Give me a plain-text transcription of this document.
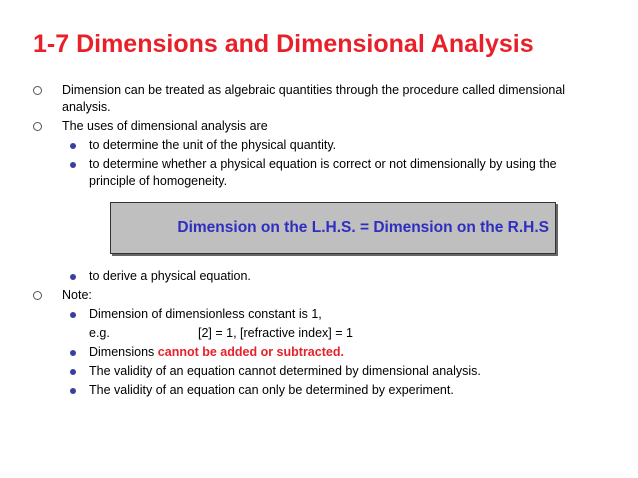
1-7 Dimensions and Dimensional Analysis
Dimension can be treated as algebraic quantities through the procedure called dimensional analysis.
The uses of dimensional analysis are
to determine the unit of the physical quantity.
to determine whether a physical equation is correct or not dimensionally by using the principle of homogeneity.
Dimension on the L.H.S. = Dimension on the R.H.S
to derive a physical equation.
Note:
Dimension of dimensionless constant is 1,
e.g.	[2] = 1, [refractive index] = 1
Dimensions cannot be added or subtracted.
The validity of an equation cannot determined by dimensional analysis.
The validity of an equation can only be determined by experiment.
